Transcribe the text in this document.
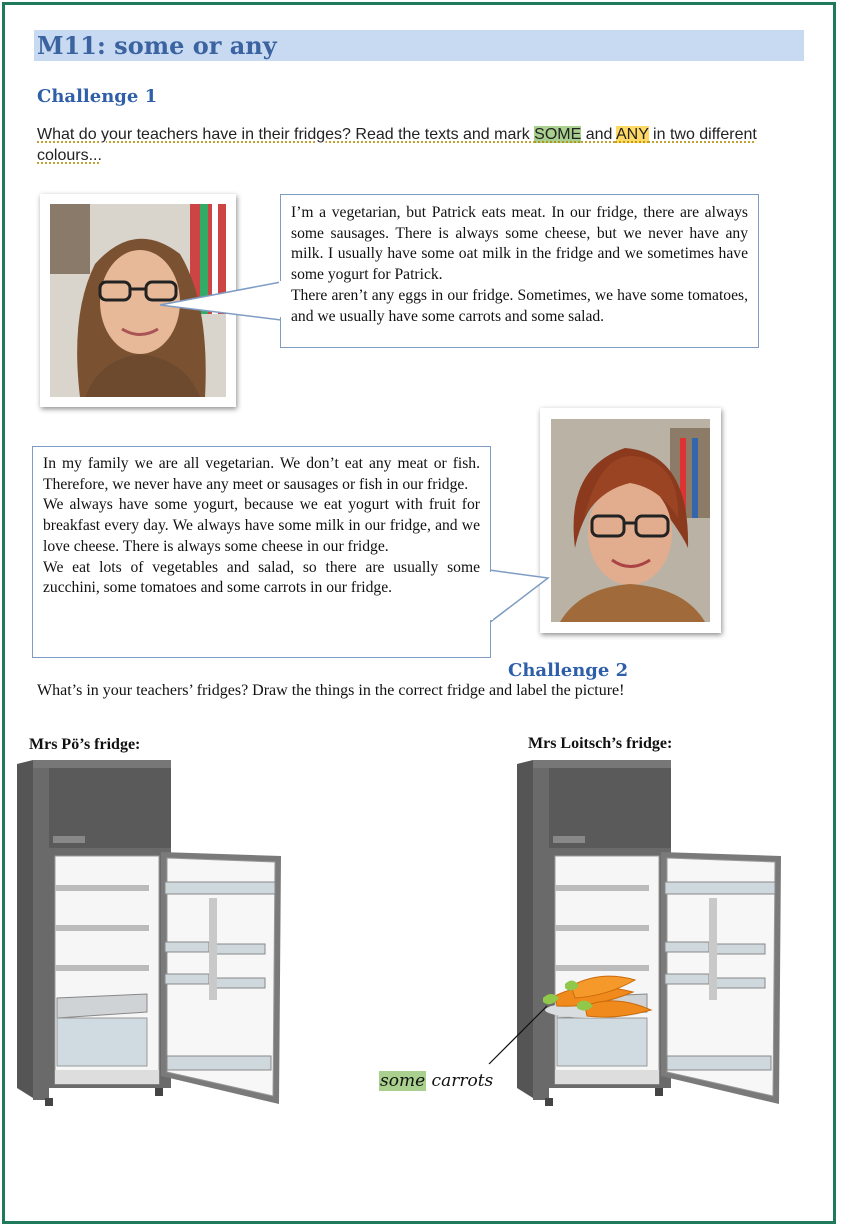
M11: some or any
Challenge 1
What do your teachers have in their fridges? Read the texts and mark SOME and ANY in two different colours...

I’m a vegetarian, but Patrick eats meat. In our fridge, there are always some sausages. There is always some cheese, but we never have any milk. I usually have some oat milk in the fridge and we sometimes have some yogurt for Patrick.

There aren’t any eggs in our fridge. Sometimes, we have some tomatoes, and we usually have some carrots and some salad.

In my family we are all vegetarian. We don’t eat any meat or fish. Therefore, we never have any meet or sausages or fish in our fridge.

We always have some yogurt, because we eat yogurt with fruit for breakfast every day. We always have some milk in our fridge, and we love cheese. There is always some cheese in our fridge.

We eat lots of vegetables and salad, so there are usually some zucchini, some tomatoes and some carrots in our fridge.

Challenge 2
What’s in your teachers’ fridges? Draw the things in the correct fridge and label the picture!
Mrs Pö’s fridge:	Mrs Loitsch’s fridge:
some carrots
